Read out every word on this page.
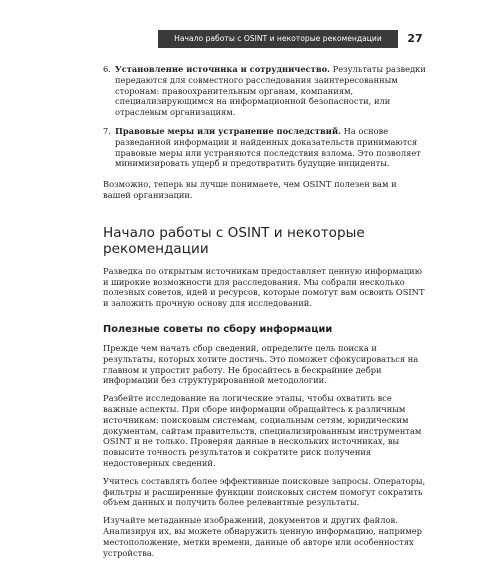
Начало работы с OSINT и некоторые рекомендации	27
6. Установление источника и сотрудничество. Результаты разведки передаются для совместного расследования заинтересованным сторонам: правоохранительным органам, компаниям, специализирующимся на информационной безопасности, или отраслевым организациям.
7. Правовые меры или устранение последствий. На основе разведанной информации и найденных доказательств принимаются правовые меры или устраняются последствия взлома. Это позволяет минимизировать ущерб и предотвратить будущие инциденты.

Возможно, теперь вы лучше понимаете, чем OSINT полезен вам и вашей организации.

Начало работы с OSINT и некоторые рекомендации

Разведка по открытым источникам предоставляет ценную информацию и широкие возможности для расследования. Мы собрали несколько полезных советов, идей и ресурсов, которые помогут вам освоить OSINT и заложить прочную основу для исследований.

Полезные советы по сбору информации

Прежде чем начать сбор сведений, определите цель поиска и результаты, которых хотите достичь. Это поможет сфокусироваться на главном и упростит работу. Не бросайтесь в бескрайние дебри информации без структурированной методологии.

Разбейте исследование на логические этапы, чтобы охватить все важные аспекты. При сборе информации обращайтесь к различным источникам: поисковым системам, социальным сетям, юридическим документам, сайтам правительств, специализированным инструментам OSINT и не только. Проверяя данные в нескольких источниках, вы повысите точность результатов и сократите риск получения недостоверных сведений.

Учитесь составлять более эффективные поисковые запросы. Операторы, фильтры и расширенные функции поисковых систем помогут сократить объем данных и получить более релевантные результаты.

Изучайте метаданные изображений, документов и других файлов. Анализируя их, вы можете обнаружить ценную информацию, например местоположение, метки времени, данные об авторе или особенностях устройства.
